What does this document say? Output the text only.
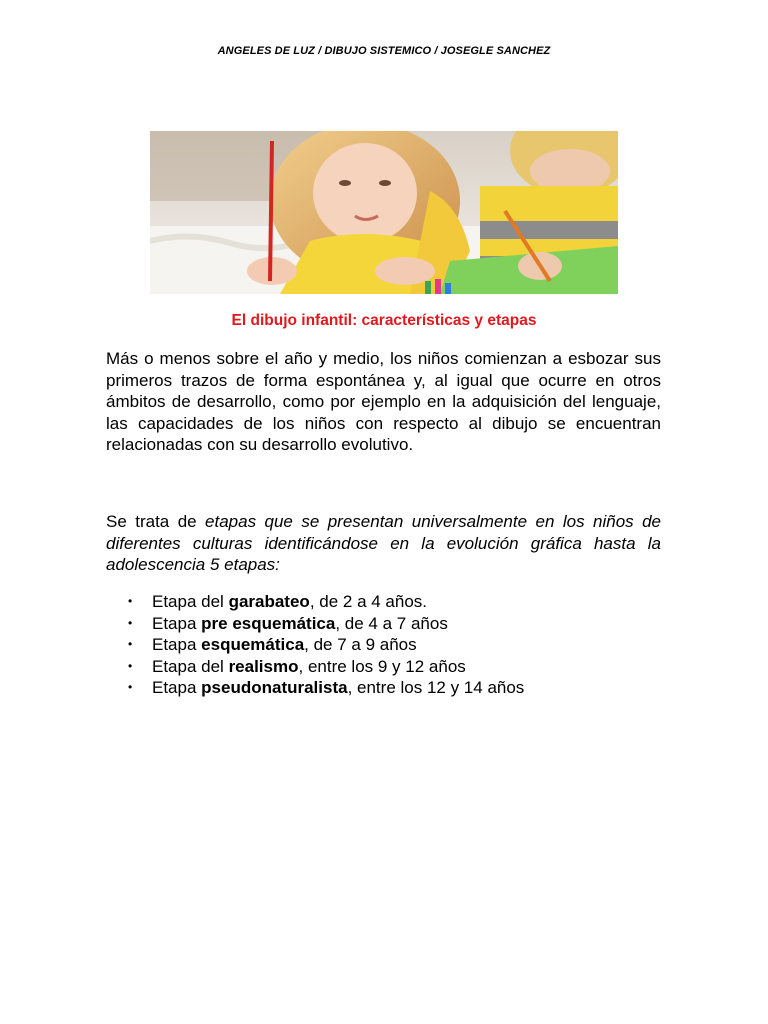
ANGELES DE LUZ / DIBUJO SISTEMICO / JOSEGLE SANCHEZ
El dibujo infantil: características y etapas

Más o menos sobre el año y medio, los niños comienzan a esbozar sus primeros trazos de forma espontánea y, al igual que ocurre en otros ámbitos de desarrollo, como por ejemplo en la adquisición del lenguaje, las capacidades de los niños con respecto al dibujo se encuentran relacionadas con su desarrollo evolutivo.

Se trata de etapas que se presentan universalmente en los niños de diferentes culturas identificándose en la evolución gráfica hasta la adolescencia 5 etapas:

• Etapa del garabateo, de 2 a 4 años.
• Etapa pre esquemática, de 4 a 7 años
• Etapa esquemática, de 7 a 9 años
• Etapa del realismo, entre los 9 y 12 años
• Etapa pseudonaturalista, entre los 12 y 14 años
